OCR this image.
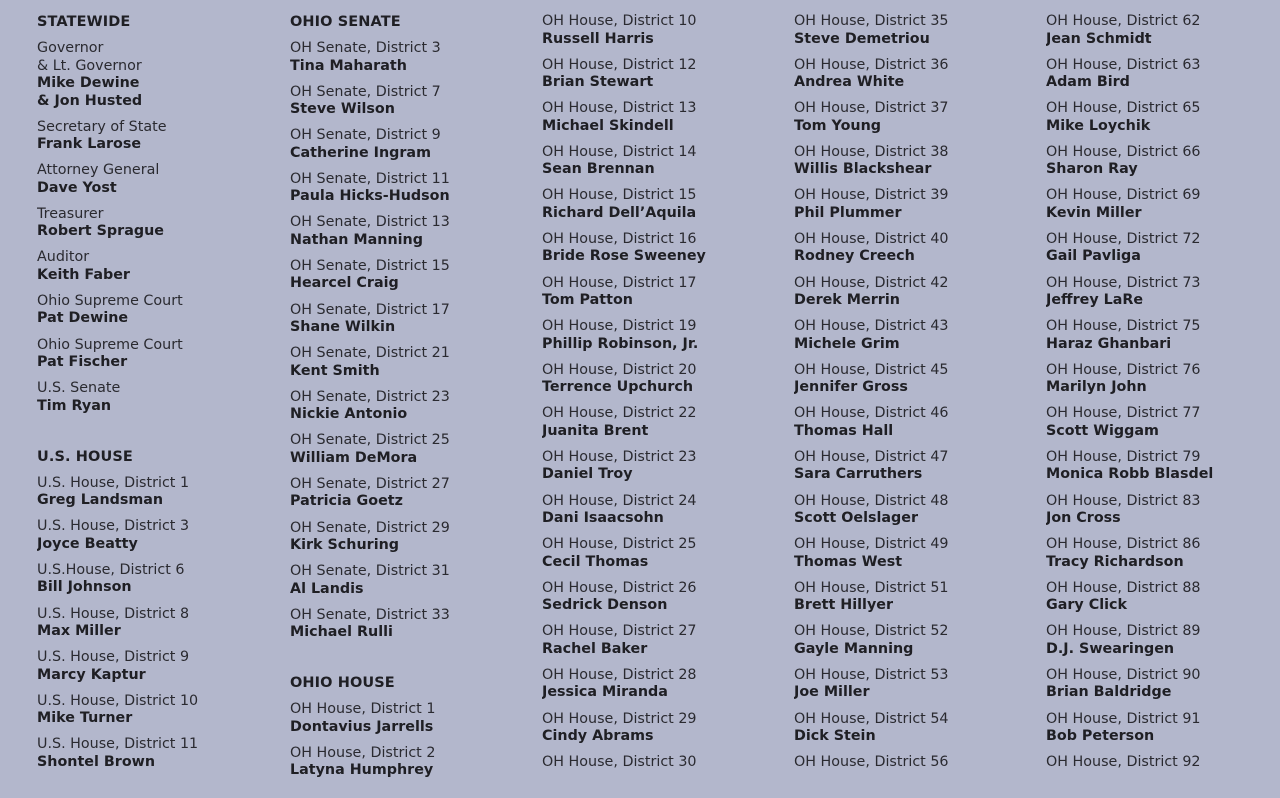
STATEWIDE
Governor
& Lt. Governor
Mike Dewine
& Jon Husted
Secretary of State
Frank Larose
Attorney General
Dave Yost
Treasurer
Robert Sprague
Auditor
Keith Faber
Ohio Supreme Court
Pat Dewine
Ohio Supreme Court
Pat Fischer
U.S. Senate
Tim Ryan
U.S. HOUSE
U.S. House, District 1
Greg Landsman
U.S. House, District 3
Joyce Beatty
U.S.House, District 6
Bill Johnson
U.S. House, District 8
Max Miller
U.S. House, District 9
Marcy Kaptur
U.S. House, District 10
Mike Turner
U.S. House, District 11
Shontel Brown
OHIO SENATE
OH Senate, District 3
Tina Maharath
OH Senate, District 7
Steve Wilson
OH Senate, District 9
Catherine Ingram
OH Senate, District 11
Paula Hicks-Hudson
OH Senate, District 13
Nathan Manning
OH Senate, District 15
Hearcel Craig
OH Senate, District 17
Shane Wilkin
OH Senate, District 21
Kent Smith
OH Senate, District 23
Nickie Antonio
OH Senate, District 25
William DeMora
OH Senate, District 27
Patricia Goetz
OH Senate, District 29
Kirk Schuring
OH Senate, District 31
Al Landis
OH Senate, District 33
Michael Rulli
OHIO HOUSE
OH House, District 1
Dontavius Jarrells
OH House, District 2
Latyna Humphrey
OH House, District 10
Russell Harris
OH House, District 12
Brian Stewart
OH House, District 13
Michael Skindell
OH House, District 14
Sean Brennan
OH House, District 15
Richard Dell’Aquila
OH House, District 16
Bride Rose Sweeney
OH House, District 17
Tom Patton
OH House, District 19
Phillip Robinson, Jr.
OH House, District 20
Terrence Upchurch
OH House, District 22
Juanita Brent
OH House, District 23
Daniel Troy
OH House, District 24
Dani Isaacsohn
OH House, District 25
Cecil Thomas
OH House, District 26
Sedrick Denson
OH House, District 27
Rachel Baker
OH House, District 28
Jessica Miranda
OH House, District 29
Cindy Abrams
OH House, District 30
OH House, District 35
Steve Demetriou
OH House, District 36
Andrea White
OH House, District 37
Tom Young
OH House, District 38
Willis Blackshear
OH House, District 39
Phil Plummer
OH House, District 40
Rodney Creech
OH House, District 42
Derek Merrin
OH House, District 43
Michele Grim
OH House, District 45
Jennifer Gross
OH House, District 46
Thomas Hall
OH House, District 47
Sara Carruthers
OH House, District 48
Scott Oelslager
OH House, District 49
Thomas West
OH House, District 51
Brett Hillyer
OH House, District 52
Gayle Manning
OH House, District 53
Joe Miller
OH House, District 54
Dick Stein
OH House, District 56
OH House, District 62
Jean Schmidt
OH House, District 63
Adam Bird
OH House, District 65
Mike Loychik
OH House, District 66
Sharon Ray
OH House, District 69
Kevin Miller
OH House, District 72
Gail Pavliga
OH House, District 73
Jeffrey LaRe
OH House, District 75
Haraz Ghanbari
OH House, District 76
Marilyn John
OH House, District 77
Scott Wiggam
OH House, District 79
Monica Robb Blasdel
OH House, District 83
Jon Cross
OH House, District 86
Tracy Richardson
OH House, District 88
Gary Click
OH House, District 89
D.J. Swearingen
OH House, District 90
Brian Baldridge
OH House, District 91
Bob Peterson
OH House, District 92
